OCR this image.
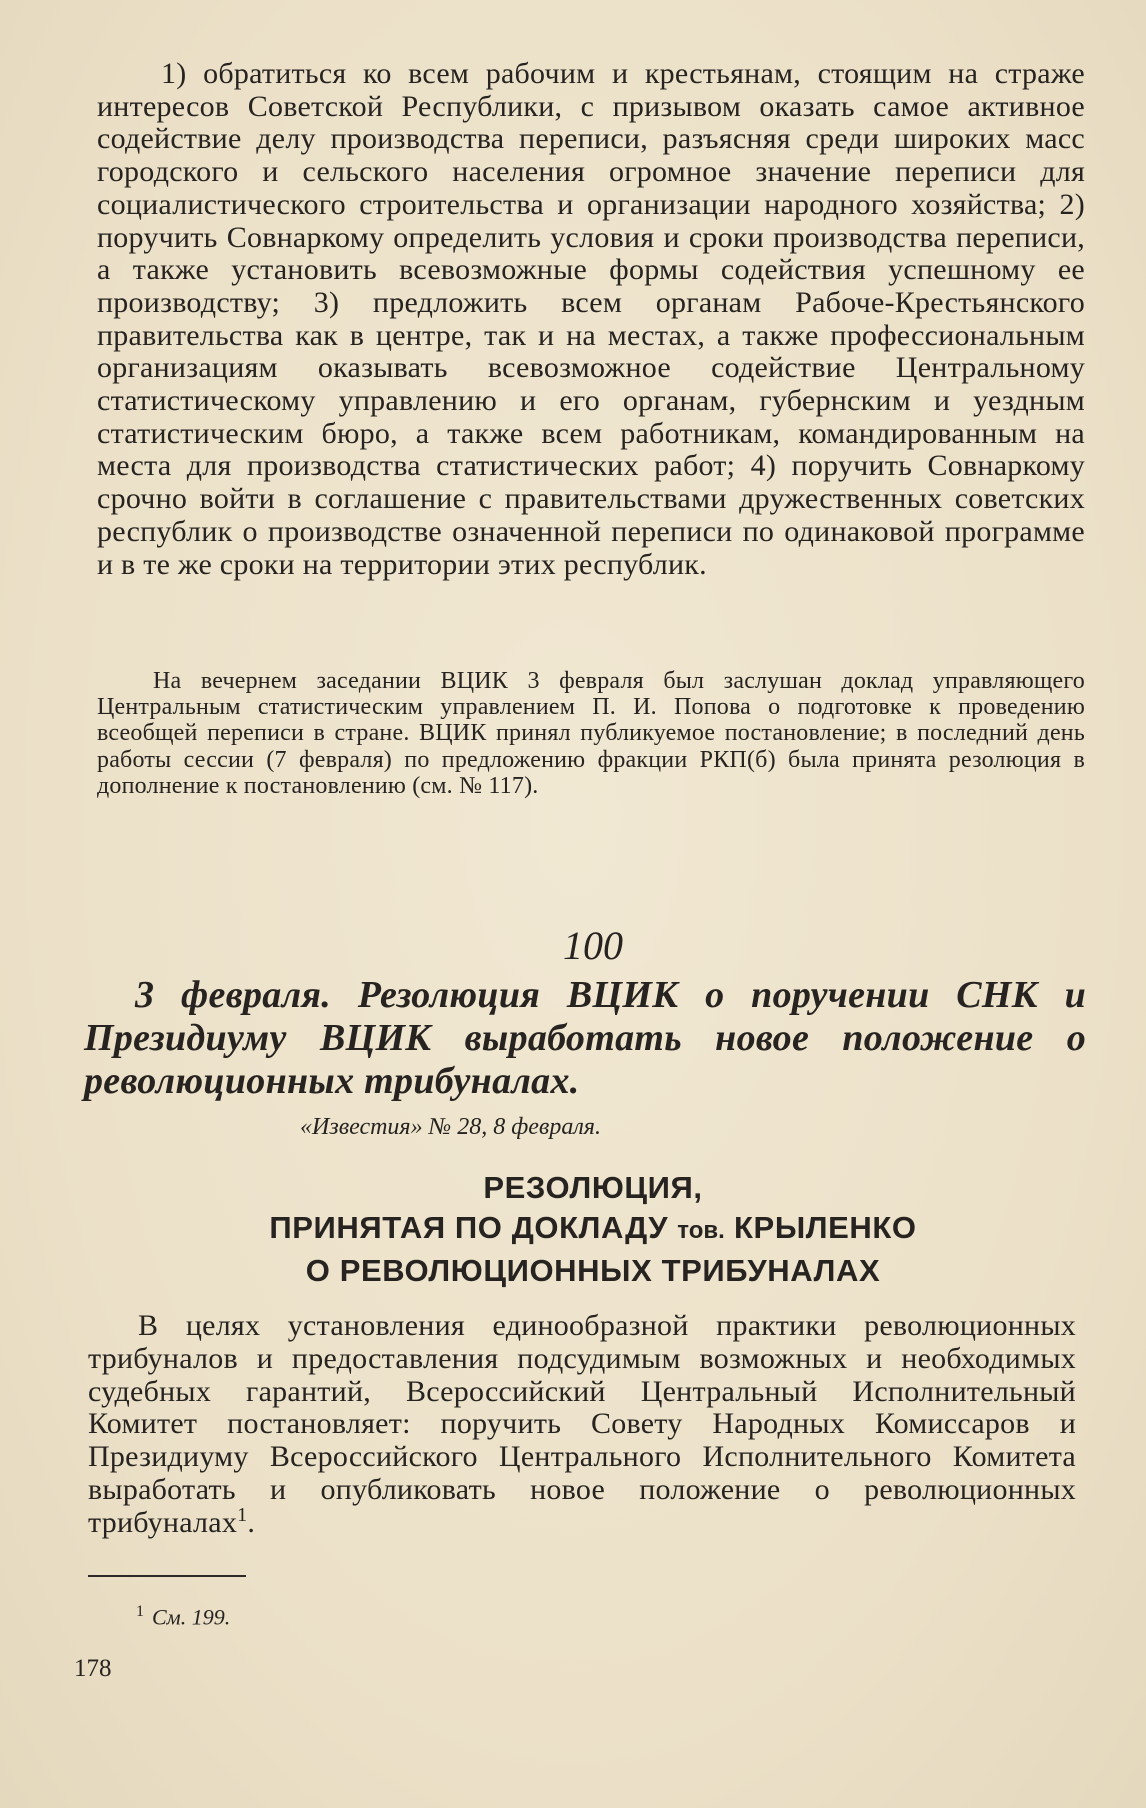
1) обратиться ко всем рабочим и крестьянам, стоящим на страже интересов Советской Республики, с призывом оказать самое активное содействие делу производства переписи, разъясняя среди широких масс городского и сельского населения огромное значение переписи для социалистического строительства и организации народного хозяйства; 2) поручить Совнаркому определить условия и сроки производства переписи, а также установить всевозможные формы содействия успешному ее производству; 3) предложить всем органам Рабоче-Крестьянского правительства как в центре, так и на местах, а также профессиональным организациям оказывать всевозможное содействие Центральному статистическому управлению и его органам, губернским и уездным статистическим бюро, а также всем работникам, командированным на места для производства статистических работ; 4) поручить Совнаркому срочно войти в соглашение с правительствами дружественных советских республик о производстве означенной переписи по одинаковой программе и в те же сроки на территории этих республик.

На вечернем заседании ВЦИК 3 февраля был заслушан доклад управляющего Центральным статистическим управлением П. И. Попова о подготовке к проведению всеобщей переписи в стране. ВЦИК принял публикуемое постановление; в последний день работы сессии (7 февраля) по предложению фракции РКП(б) была принята резолюция в дополнение к постановлению (см. № 117).

100

3 февраля. Резолюция ВЦИК о поручении СНК и Президиуму ВЦИК выработать новое положение о революционных трибуналах.

«Известия» № 28, 8 февраля.

РЕЗОЛЮЦИЯ,
ПРИНЯТАЯ ПО ДОКЛАДУ тов. КРЫЛЕНКО
О РЕВОЛЮЦИОННЫХ ТРИБУНАЛАХ

В целях установления единообразной практики революционных трибуналов и предоставления подсудимым возможных и необходимых судебных гарантий, Всероссийский Центральный Исполнительный Комитет постановляет: поручить Совету Народных Комиссаров и Президиуму Всероссийского Центрального Исполнительного Комитета выработать и опубликовать новое положение о революционных трибуналах$^1$.

$^1$ См. 199.

178
